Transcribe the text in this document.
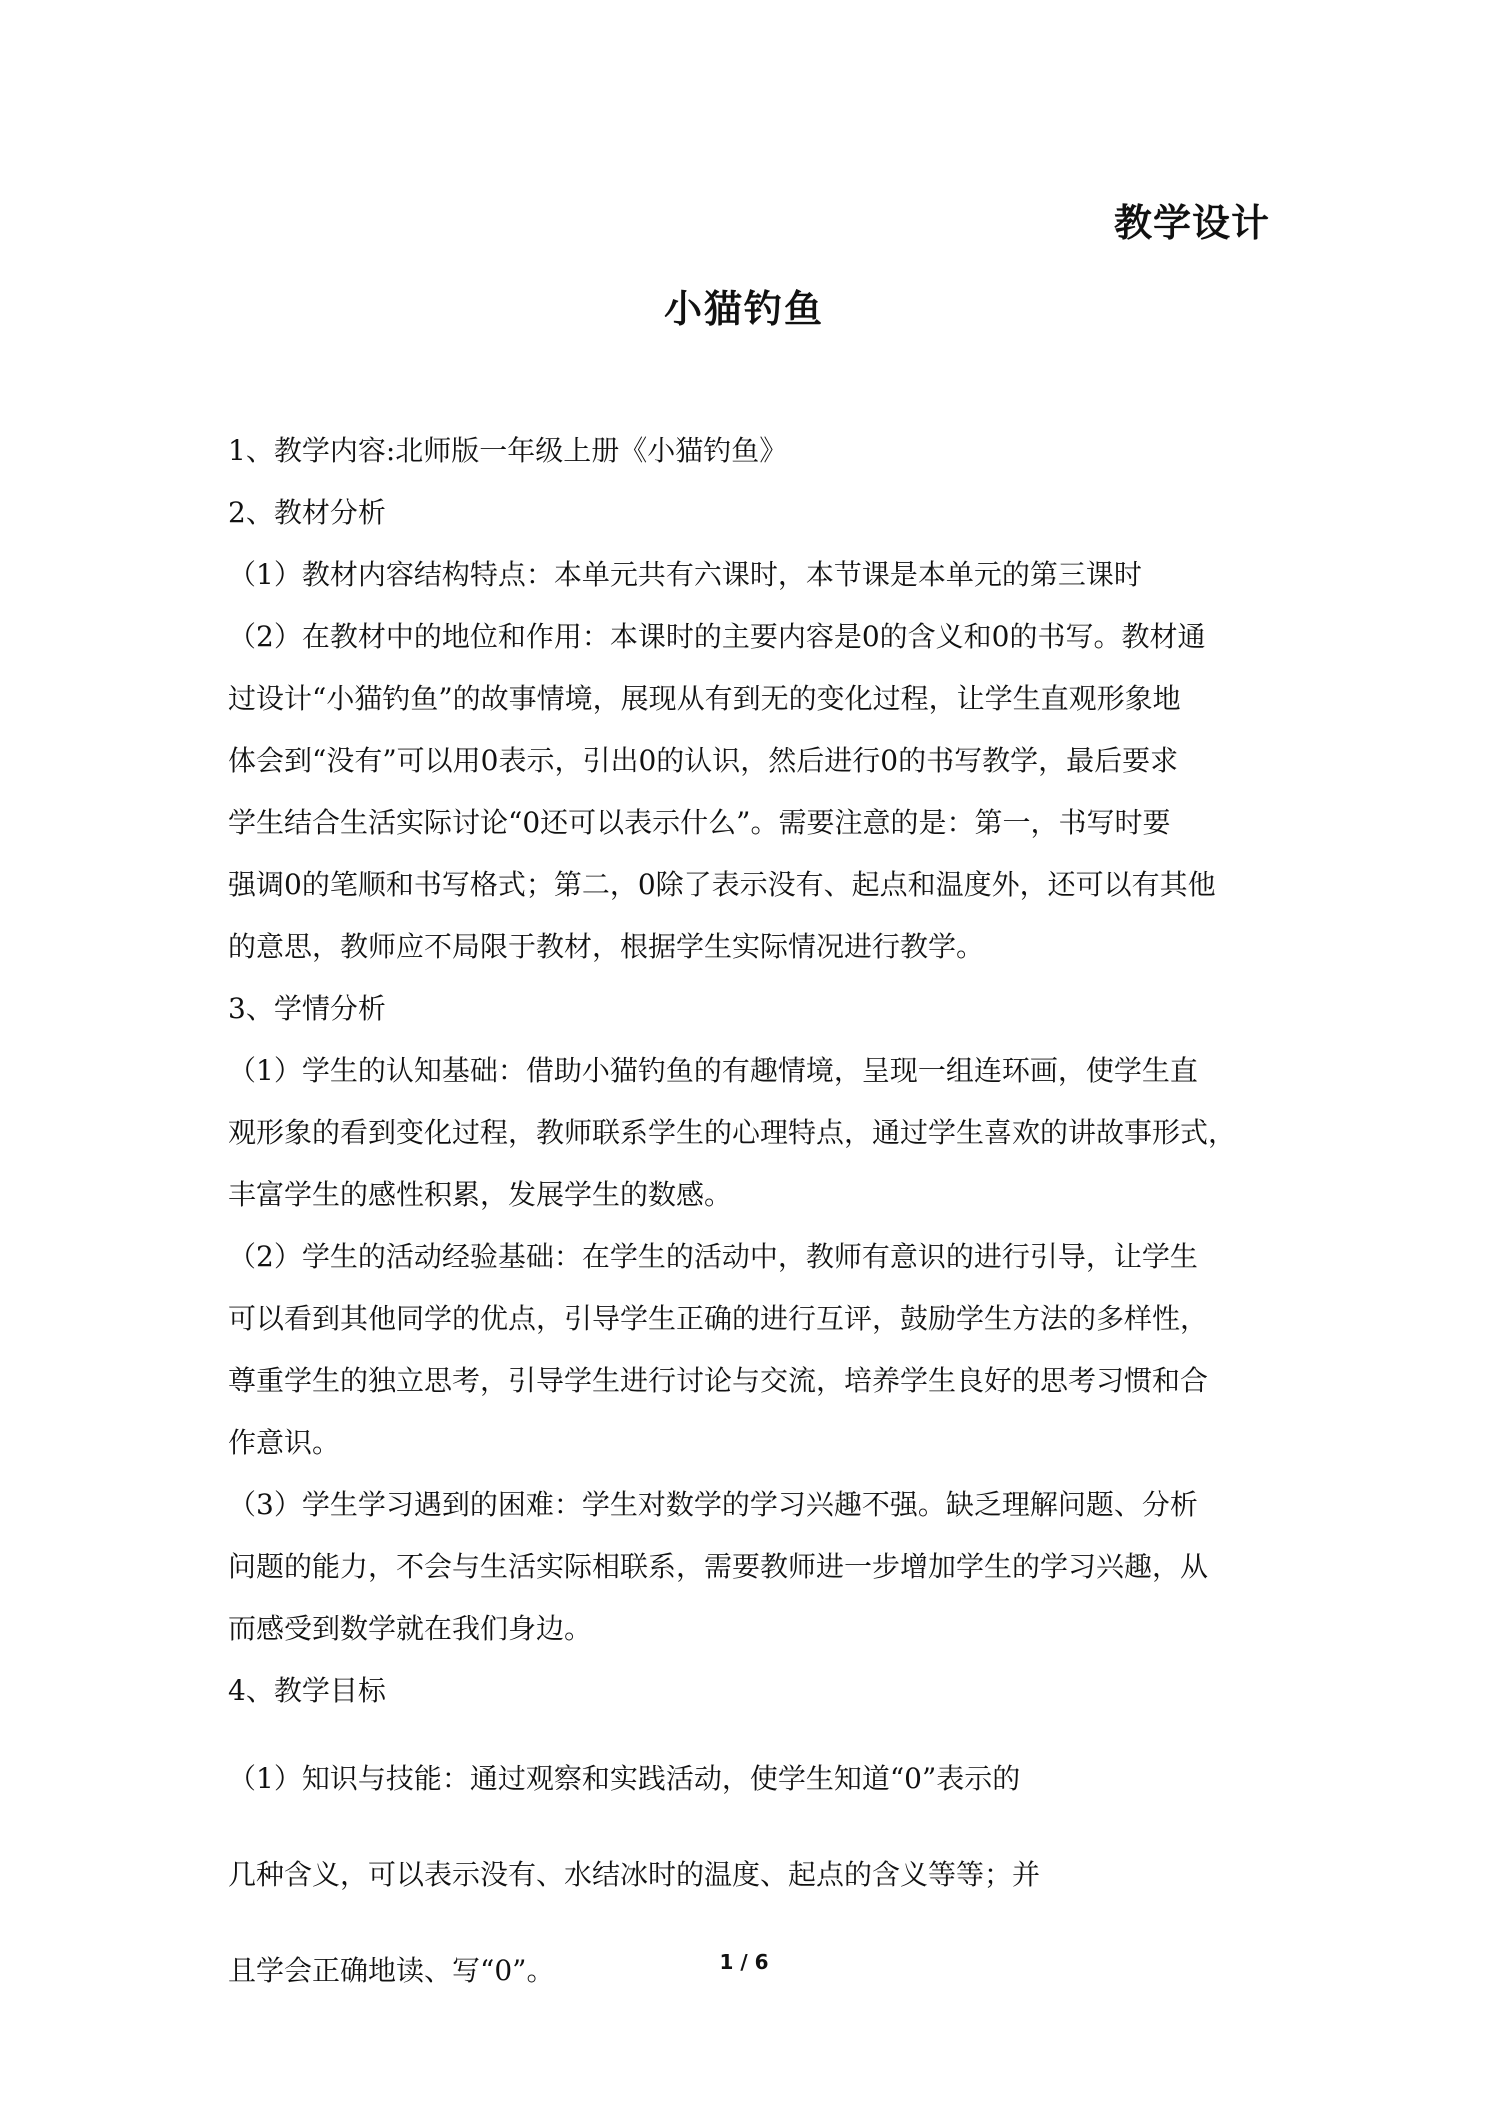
教学设计
小猫钓鱼

1、教学内容:北师版一年级上册《小猫钓鱼》

2、教材分析

（1）教材内容结构特点：本单元共有六课时，本节课是本单元的第三课时

（2）在教材中的地位和作用：本课时的主要内容是0的含义和0的书写。教材通

过设计“小猫钓鱼”的故事情境，展现从有到无的变化过程，让学生直观形象地

体会到“没有”可以用0表示，引出0的认识，然后进行0的书写教学，最后要求

学生结合生活实际讨论“0还可以表示什么”。需要注意的是：第一，书写时要

强调0的笔顺和书写格式；第二，0除了表示没有、起点和温度外，还可以有其他

的意思，教师应不局限于教材，根据学生实际情况进行教学。

3、学情分析

（1）学生的认知基础：借助小猫钓鱼的有趣情境，呈现一组连环画，使学生直

观形象的看到变化过程，教师联系学生的心理特点，通过学生喜欢的讲故事形式，

丰富学生的感性积累，发展学生的数感。

（2）学生的活动经验基础：在学生的活动中，教师有意识的进行引导，让学生

可以看到其他同学的优点，引导学生正确的进行互评，鼓励学生方法的多样性，

尊重学生的独立思考，引导学生进行讨论与交流，培养学生良好的思考习惯和合

作意识。

（3）学生学习遇到的困难：学生对数学的学习兴趣不强。缺乏理解问题、分析

问题的能力，不会与生活实际相联系，需要教师进一步增加学生的学习兴趣，从

而感受到数学就在我们身边。

4、教学目标

（1）知识与技能：通过观察和实践活动，使学生知道“0”表示的

几种含义，可以表示没有、水结冰时的温度、起点的含义等等；并

且学会正确地读、写“0”。	1 / 6
